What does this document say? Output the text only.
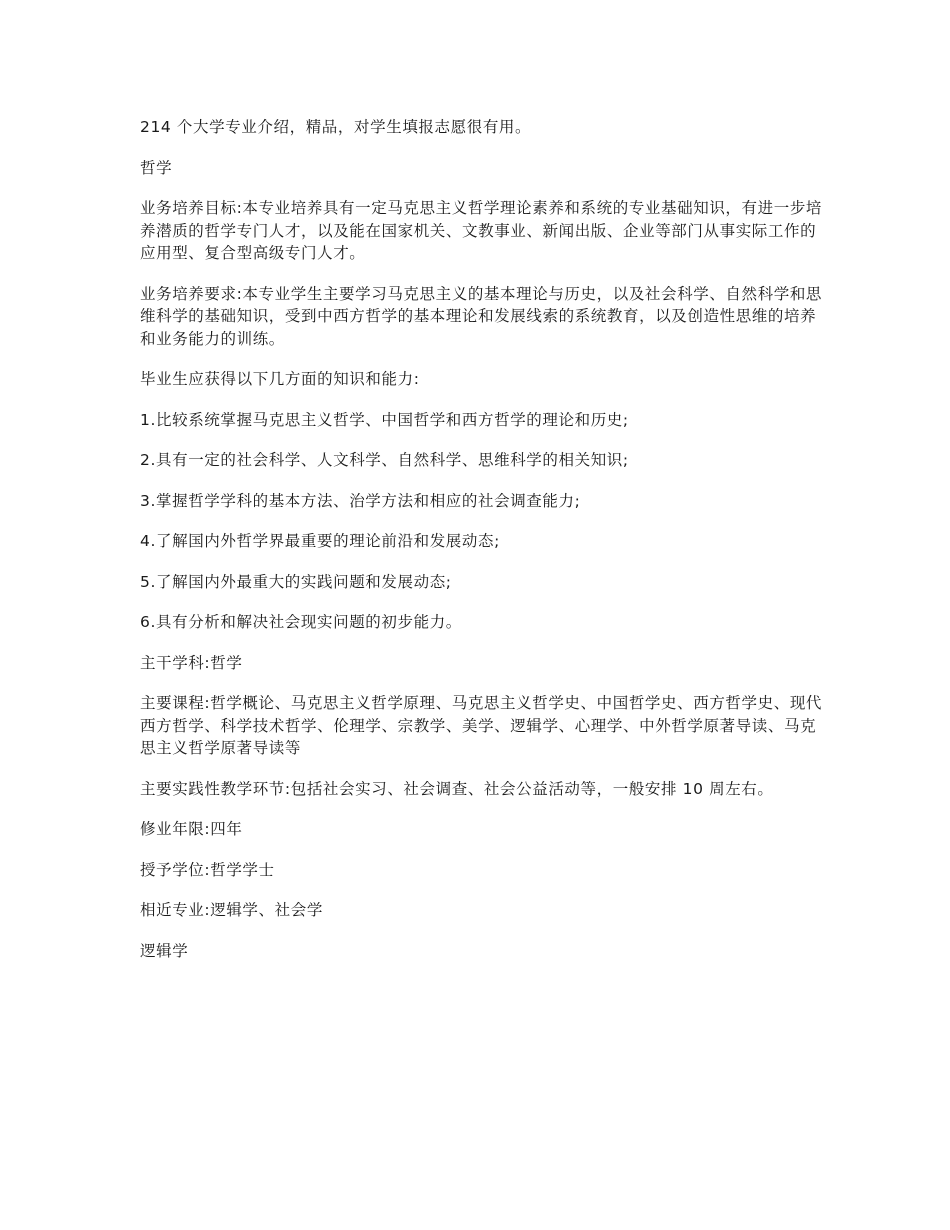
214 个大学专业介绍，精品，对学生填报志愿很有用。

哲学

业务培养目标:本专业培养具有一定马克思主义哲学理论素养和系统的专业基础知识，有进一步培养潜质的哲学专门人才，以及能在国家机关、文教事业、新闻出版、企业等部门从事实际工作的应用型、复合型高级专门人才。

业务培养要求:本专业学生主要学习马克思主义的基本理论与历史，以及社会科学、自然科学和思维科学的基础知识，受到中西方哲学的基本理论和发展线索的系统教育，以及创造性思维的培养和业务能力的训练。

毕业生应获得以下几方面的知识和能力:

1.比较系统掌握马克思主义哲学、中国哲学和西方哲学的理论和历史;

2.具有一定的社会科学、人文科学、自然科学、思维科学的相关知识;

3.掌握哲学学科的基本方法、治学方法和相应的社会调查能力;

4.了解国内外哲学界最重要的理论前沿和发展动态;

5.了解国内外最重大的实践问题和发展动态;

6.具有分析和解决社会现实问题的初步能力。

主干学科:哲学

主要课程:哲学概论、马克思主义哲学原理、马克思主义哲学史、中国哲学史、西方哲学史、现代西方哲学、科学技术哲学、伦理学、宗教学、美学、逻辑学、心理学、中外哲学原著导读、马克思主义哲学原著导读等

主要实践性教学环节:包括社会实习、社会调查、社会公益活动等，一般安排 10 周左右。

修业年限:四年

授予学位:哲学学士

相近专业:逻辑学、社会学

逻辑学
